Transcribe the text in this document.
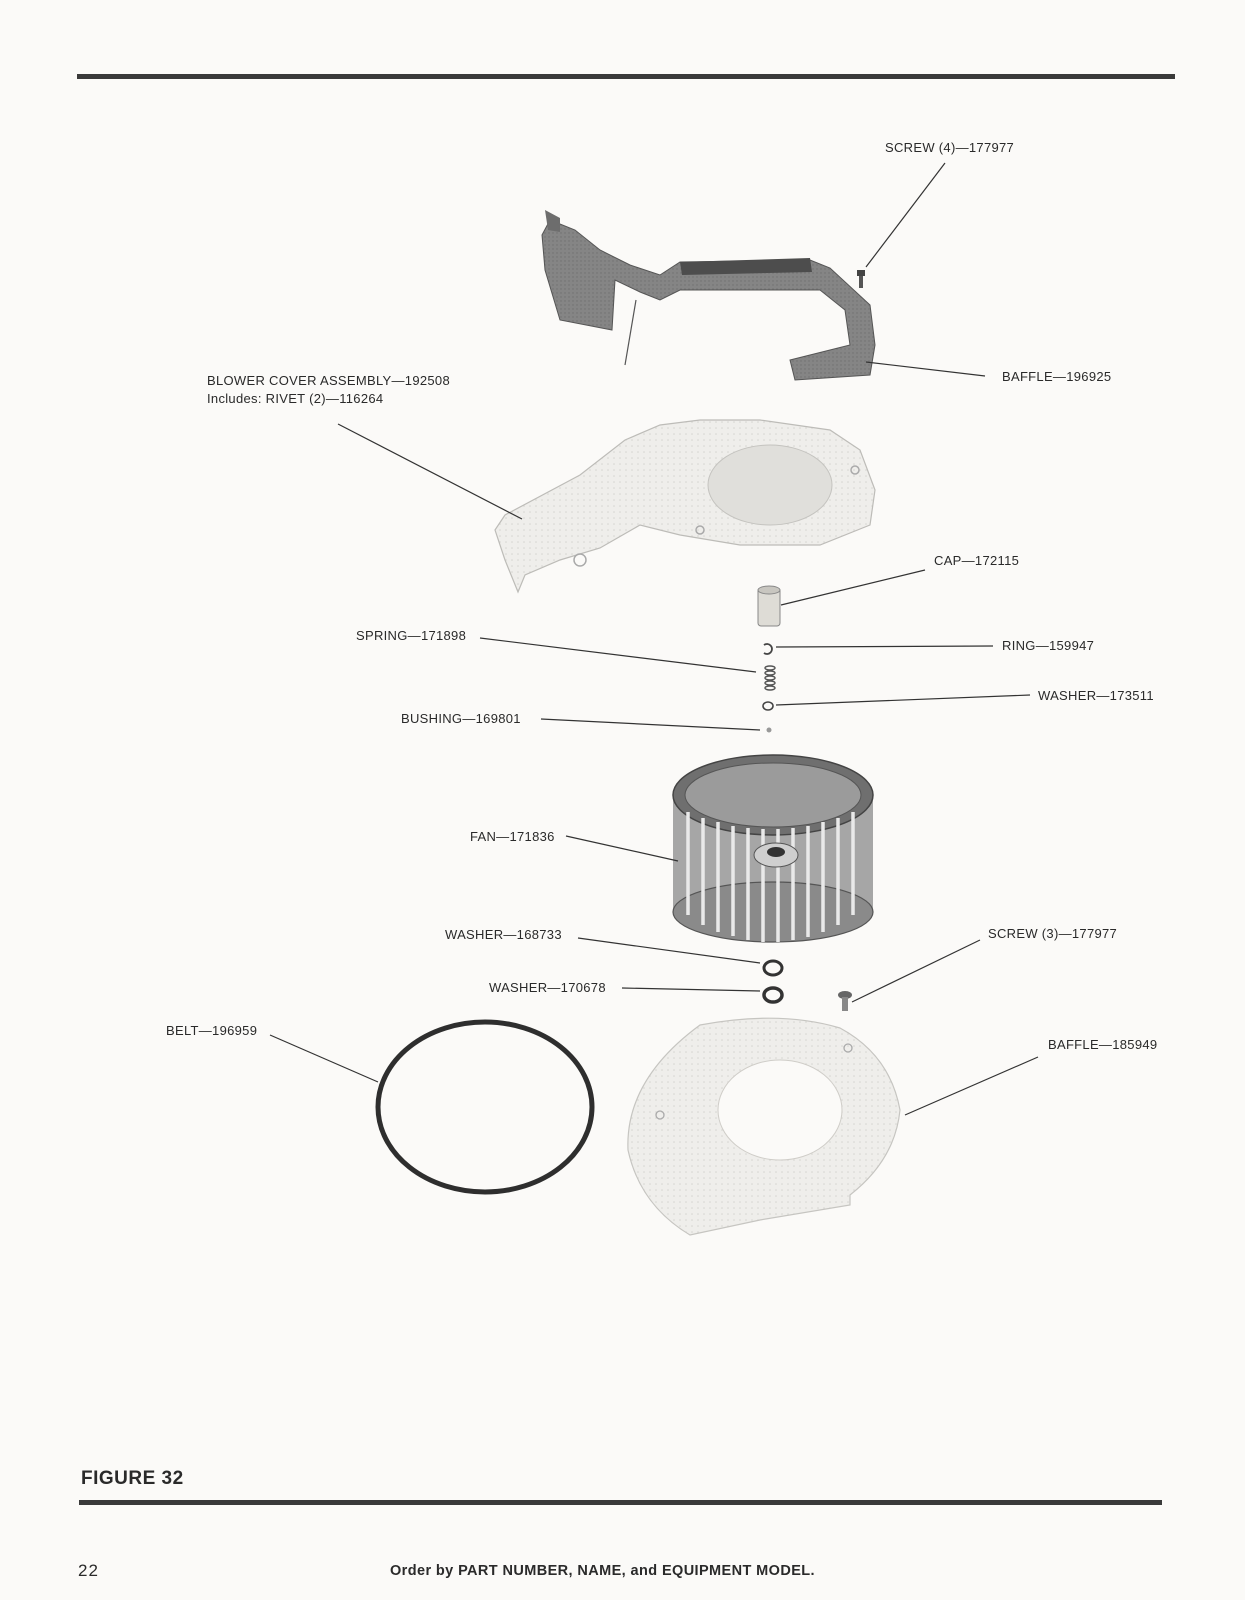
SCREW (4)—177977
BAFFLE—196925
BLOWER COVER ASSEMBLY—192508
Includes: RIVET (2)—116264
CAP—172115
SPRING—171898
RING—159947
WASHER—173511
BUSHING—169801
FAN—171836
WASHER—168733	SCREW (3)—177977
WASHER—170678
BELT—196959
BAFFLE—185949
FIGURE 32
22	Order by PART NUMBER, NAME, and EQUIPMENT MODEL.
